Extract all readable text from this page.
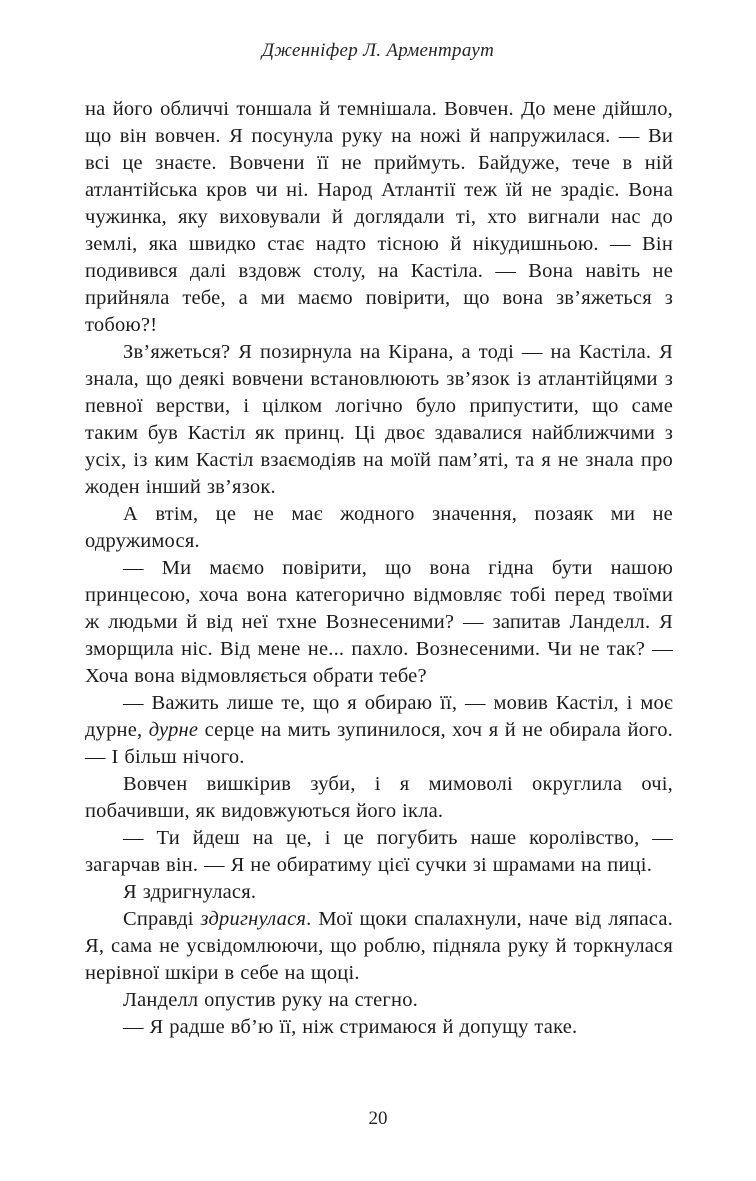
Дженніфер Л. Арментраут

на його обличчі тоншала й темнішала. Вовчен. До мене дійшло, що він вовчен. Я посунула руку на ножі й напружилася. — Ви всі це знаєте. Вовчени її не приймуть. Байдуже, тече в ній атлантійська кров чи ні. Народ Атлантії теж їй не зрадіє. Вона чужинка, яку виховували й доглядали ті, хто вигнали нас до землі, яка швидко стає надто тісною й нікудишньою. — Він подивився далі вздовж столу, на Кастіла. — Вона навіть не прийняла тебе, а ми маємо повірити, що вона зв’яжеться з тобою?!

Зв’яжеться? Я позирнула на Кірана, а тоді — на Кастіла. Я знала, що деякі вовчени встановлюють зв’язок із атлантійцями з певної верстви, і цілком логічно було припустити, що саме таким був Кастіл як принц. Ці двоє здавалися найближчими з усіх, із ким Кастіл взаємодіяв на моїй пам’яті, та я не знала про жоден інший зв’язок.

А втім, це не має жодного значення, позаяк ми не одружимося.

— Ми маємо повірити, що вона гідна бути нашою принцесою, хоча вона категорично відмовляє тобі перед твоїми ж людьми й від неї тхне Вознесеними? — запитав Ланделл. Я зморщила ніс. Від мене не... пахло. Вознесеними. Чи не так? — Хоча вона відмовляється обрати тебе?

— Важить лише те, що я обираю її, — мовив Кастіл, і моє дурне, дурне серце на мить зупинилося, хоч я й не обирала його. — І більш нічого.

Вовчен вишкірив зуби, і я мимоволі округлила очі, побачивши, як видовжуються його ікла.

— Ти йдеш на це, і це погубить наше королівство, — загарчав він. — Я не обиратиму цієї сучки зі шрамами на пиці.

Я здригнулася.

Справді здригнулася. Мої щоки спалахнули, наче від ляпаса. Я, сама не усвідомлюючи, що роблю, підняла руку й торкнулася нерівної шкіри в себе на щоці.

Ланделл опустив руку на стегно.

— Я радше вб’ю її, ніж стримаюся й допущу таке.

20
